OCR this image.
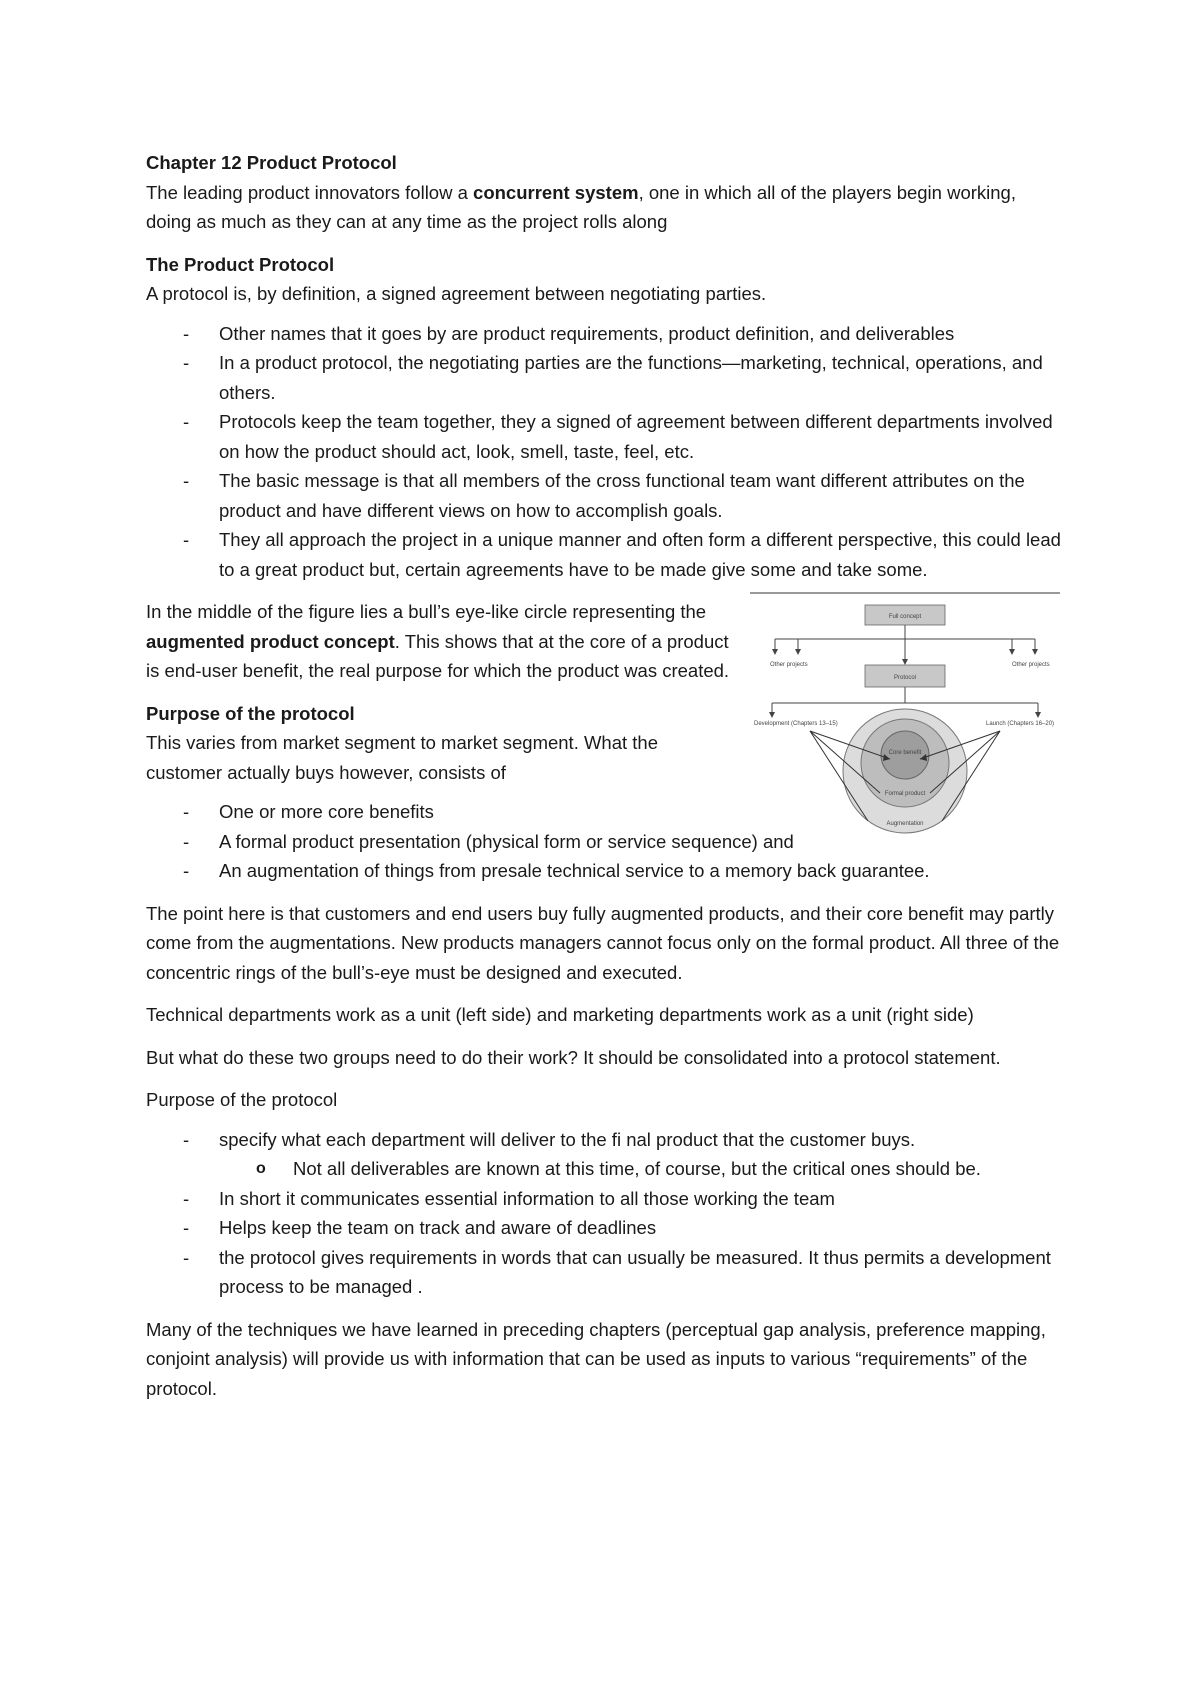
Chapter 12 Product Protocol

The leading product innovators follow a concurrent system, one in which all of the players begin working, doing as much as they can at any time as the project rolls along

The Product Protocol

A protocol is, by definition, a signed agreement between negotiating parties.

- Other names that it goes by are product requirements, product definition, and deliverables
- In a product protocol, the negotiating parties are the functions—marketing, technical, operations, and others.
- Protocols keep the team together, they a signed of agreement between different departments involved on how the product should act, look, smell, taste, feel, etc.
- The basic message is that all members of the cross functional team want different attributes on the product and have different views on how to accomplish goals.
- They all approach the project in a unique manner and often form a different perspective, this could lead to a great product but, certain agreements have to be made give some and take some.
Full concept
Other projects	Other projects
Protocol
Development (Chapters 13–15)	Launch (Chapters 16–20)
Core benefit
Formal product
Augmentation

In the middle of the figure lies a bull’s eye-like circle representing the augmented product concept. This shows that at the core of a product is end-user benefit, the real purpose for which the product was created.

Purpose of the protocol

This varies from market segment to market segment. What the customer actually buys however, consists of

- One or more core benefits
- A formal product presentation (physical form or service sequence) and
- An augmentation of things from presale technical service to a memory back guarantee.

The point here is that customers and end users buy fully augmented products, and their core benefit may partly come from the augmentations. New products managers cannot focus only on the formal product. All three of the concentric rings of the bull’s-eye must be designed and executed.

Technical departments work as a unit (left side) and marketing departments work as a unit (right side)

But what do these two groups need to do their work? It should be consolidated into a protocol statement.

Purpose of the protocol

- specify what each department will deliver to the fi nal product that the customer buys.
o Not all deliverables are known at this time, of course, but the critical ones should be.
- In short it communicates essential information to all those working the team
- Helps keep the team on track and aware of deadlines
- the protocol gives requirements in words that can usually be measured. It thus permits a development process to be managed .

Many of the techniques we have learned in preceding chapters (perceptual gap analysis, preference mapping, conjoint analysis) will provide us with information that can be used as inputs to various “requirements” of the protocol.
